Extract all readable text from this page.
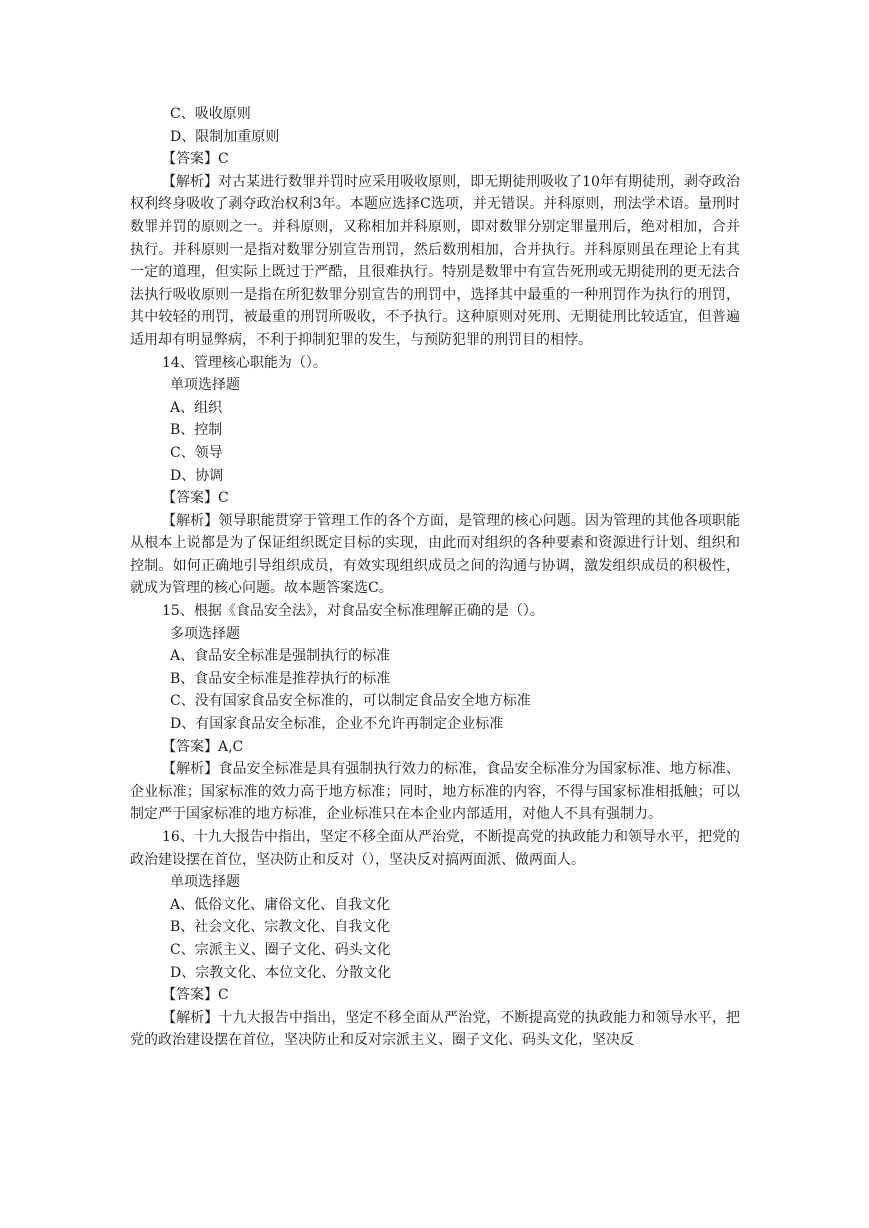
C、吸收原则
D、限制加重原则
【答案】C

【解析】对古某进行数罪并罚时应采用吸收原则，即无期徒刑吸收了10年有期徒刑，剥夺政治权利终身吸收了剥夺政治权利3年。本题应选择C选项，并无错误。并科原则，刑法学术语。量刑时数罪并罚的原则之一。并科原则，又称相加并科原则，即对数罪分别定罪量刑后，绝对相加，合并执行。并科原则一是指对数罪分别宣告刑罚，然后数刑相加，合并执行。并科原则虽在理论上有其一定的道理，但实际上既过于严酷，且很难执行。特别是数罪中有宣告死刑或无期徒刑的更无法合法执行吸收原则一是指在所犯数罪分别宣告的刑罚中，选择其中最重的一种刑罚作为执行的刑罚，其中较轻的刑罚，被最重的刑罚所吸收，不予执行。这种原则对死刑、无期徒刑比较适宜，但普遍适用却有明显弊病，不利于抑制犯罪的发生，与预防犯罪的刑罚目的相悖。

14、管理核心职能为（）。

单项选择题
A、组织
B、控制
C、领导
D、协调
【答案】C

【解析】领导职能贯穿于管理工作的各个方面，是管理的核心问题。因为管理的其他各项职能从根本上说都是为了保证组织既定目标的实现，由此而对组织的各种要素和资源进行计划、组织和控制。如何正确地引导组织成员，有效实现组织成员之间的沟通与协调，激发组织成员的积极性，就成为管理的核心问题。故本题答案选C。

15、根据《食品安全法》，对食品安全标准理解正确的是（）。

多项选择题
A、食品安全标准是强制执行的标准
B、食品安全标准是推荐执行的标准
C、没有国家食品安全标准的，可以制定食品安全地方标准
D、有国家食品安全标准，企业不允许再制定企业标准
【答案】A,C

【解析】食品安全标准是具有强制执行效力的标准，食品安全标准分为国家标准、地方标准、企业标准；国家标准的效力高于地方标准；同时，地方标准的内容，不得与国家标准相抵触；可以制定严于国家标准的地方标准，企业标准只在本企业内部适用，对他人不具有强制力。

16、十九大报告中指出，坚定不移全面从严治党，不断提高党的执政能力和领导水平，把党的政治建设摆在首位，坚决防止和反对（），坚决反对搞两面派、做两面人。

单项选择题
A、低俗文化、庸俗文化、自我文化
B、社会文化、宗教文化、自我文化
C、宗派主义、圈子文化、码头文化
D、宗教文化、本位文化、分散文化
【答案】C

【解析】十九大报告中指出，坚定不移全面从严治党，不断提高党的执政能力和领导水平，把党的政治建设摆在首位，坚决防止和反对宗派主义、圈子文化、码头文化，坚决反
